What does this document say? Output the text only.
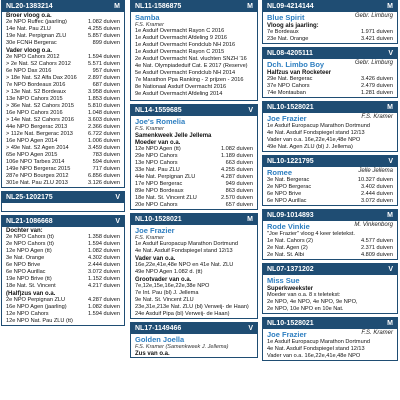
NL20-1383214	M
Broer vloog o.a.
2e NPO Ruffec (jaarling)	1.082 duiven
14e Nat. Pau ZLU	4.255 duiven
19e Nat. Perpignan ZLU	5.857 duiven
30e FCNH Bergerac	899 duiven
Vader vloog o.a.
2e NPO Cahors 2012	1.594 duiven
> 2e Nat. S2 Cahors 2012	5.571 duiven
6e NPO Dax 2016	957 duiven
> 18e Nat. S2 Alfa Dax 2016 2.897 duiven
7e NPO Bordeaux 2016	687 duiven
> 13e Nat. S2 Bordeaux	3.958 duiven
13e NPO Cahors 2015	1.853 duiven
> 36e Nat. S2 Cahors 2015	5.810 duiven
16e NPO Cahors 2016	1.048 duiven
> 14e Nat. S2 Cahors 2016	3.603 duiven
44e NPO Bergerac 2013	2.366 duiven
> 112e Nat. Bergerac 2013	6.722 duiven
16e NPO Agen 2014	1.006 duiven
> 49e Nat. S2 Agen 2014	3.459 duiven
65e NPO Agen 2015	783 duiven
106e NPO Tarbes 2014	594 duiven
149e NPO Bergerac 2015	717 duiven
287e NPO Bourges 2012	6.856 duiven
301e Nat. Pau ZLU 2013	3.126 duiven
NL25-1202175	V
NL21-1086668	V
Dochter van:
2e NPO Cahors (tt)	1.358 duiven
2e NPO Cahors (tt)	1.594 duiven
12e NPO Agen (tt)	1.082 duiven
3e Nat. Orange	4.302 duiven
6e NPO Brive	2.444 duiven
6e NPO Aurillac	3.072 duiven
19e NPO Brive (tt)	1.152 duiven
18e Nat. St. Vincent	4.217 duiven
(Half)zus van o.a.
2e NPO Perpignan ZLU	4.287 duiven
16e NPO Agen (jaarling)	1.082 duiven
12e NPO Cahors	1.594 duiven
12e NPO Nat. Pau ZLU (tt)
NL11-1586875	M
Samba
F.S. Kramer
1e Asduif Overmacht Rayon C 2016
1e Asduif Overmacht Afdeling 9 2016
1e Asduif Overmacht Fondclub NH 2016
1e Asduif Overmacht Rayon C 2015
2e Asduif Overmacht Nat. vluchten SNZH '16
4e Nat. Olympiadeduif Cat. E 2017 (Reserve)
5e Asduif Overmacht Fondclub NH 2014
7e Marathon Ppa Ranking - 2 prijzen - 2016
8e Nationaal Asduif Overmacht 2016
9e Asduif Overmacht Afdeling 2014
NL14-1559685	V
Joe's Romelia
F.S. Kramer
Samenkweek Jelle Jellema
Moeder van o.a.
12e NPO Agen (tt)	1.082 duiven
29e NPO Cahors	1.189 duiven
13e NPO Cahors	663 duiven
33e Nat. Pau ZLU	4.255 duiven
44e Nat. Perpignan ZLU	4.287 duiven
17e NPO Bergerac	949 duiven
89e NPO Bordeaux	863 duiven
18e Nat. St. Vincent ZLU	2.570 duiven
20e NPO Cahors	657 duiven
NL10-1528021	M
Joe Frazier
F.S. Kramer
1e Asduif Europacup Marathon Dortmund
4e Nat. Asduif Fondspiegel stand 12/13
Vader van o.a.
16e,22e,41e,48e NPO en 41e Nat. ZLU
49e NPO Agen 1.082 d. (tt)
Grootvader van o.a.
7e,12e,15e,16e,22e,38e NPO
7e Int. Pau (bl) J. Jellema
9e Nat. St. Vincent ZLU
23e,31e,213e Nat. ZLU (bl) Verweij- de Haan)
24e Asduif Pipa (bl) Verweij- de Haan)
NL17-1149466	V
Golden Joella
F.S. Kramer (Samenkweek J. Jellema)
Zus van o.a.
NL09-4214144	M
Blue Spirit	Gebr. Limburg
Vloog als jaarling:
7e Bordeaux	1.971 duiven
23e Nat. Orange	3.421 duiven
NL08-4205111	V
Dch. Limbo Boy	Gebr. Limburg
Halfzus van Rocketeer
29e Nat. Bergerac	3.426 duiven
37e NPO Cahors	2.479 duiven
74e Montauban	1.281 duiven
NL10-1528021	M
Joe Frazier	F.S. Kramer
1e Asduif Europacup Marathon Dortmund
4e Nat. Asduif Fondspiegel stand 12/13
Vader van o.a. 16e,22e,41e,48e NPO
49e Nat. Agen ZLU (bl) J. Jellema)
NL10-1221795	V
Romee	Jelle Jellema
3e Nat. Bergerac	10.327 duiven
2e NPO Bergerac	3.402 duiven
6e NPO Brive	2.444 duiven
6e NPO Aurillac	3.072 duiven
NL09-1014893	M
Rode Vinkie	M. Vinkenborg
"Joe Frazier" vloog 4 keer teletekst.
1e Nat. Cahors (2)	4.577 duiven
2e Nat. Agen (2)	2.371 duiven
2e Nat. St. Albi	4.809 duiven
NL07-1371202	V
Miss Sue
Superkweekster
Moeder van o.a. 8 x teletekst:
2e NPO, 4e NPO, 4e NPO, 9e NPO,
2e NPO, 10e NPO en 10e Nat.
NL10-1528021	M
Joe Frazier	F.S. Kramer
1e Asduif Europacup Marathon Dortmund
4e Nat. Asduif Fondspiegel stand 12/13
Vader van o.a. 16e,22e,41e,48e NPO
